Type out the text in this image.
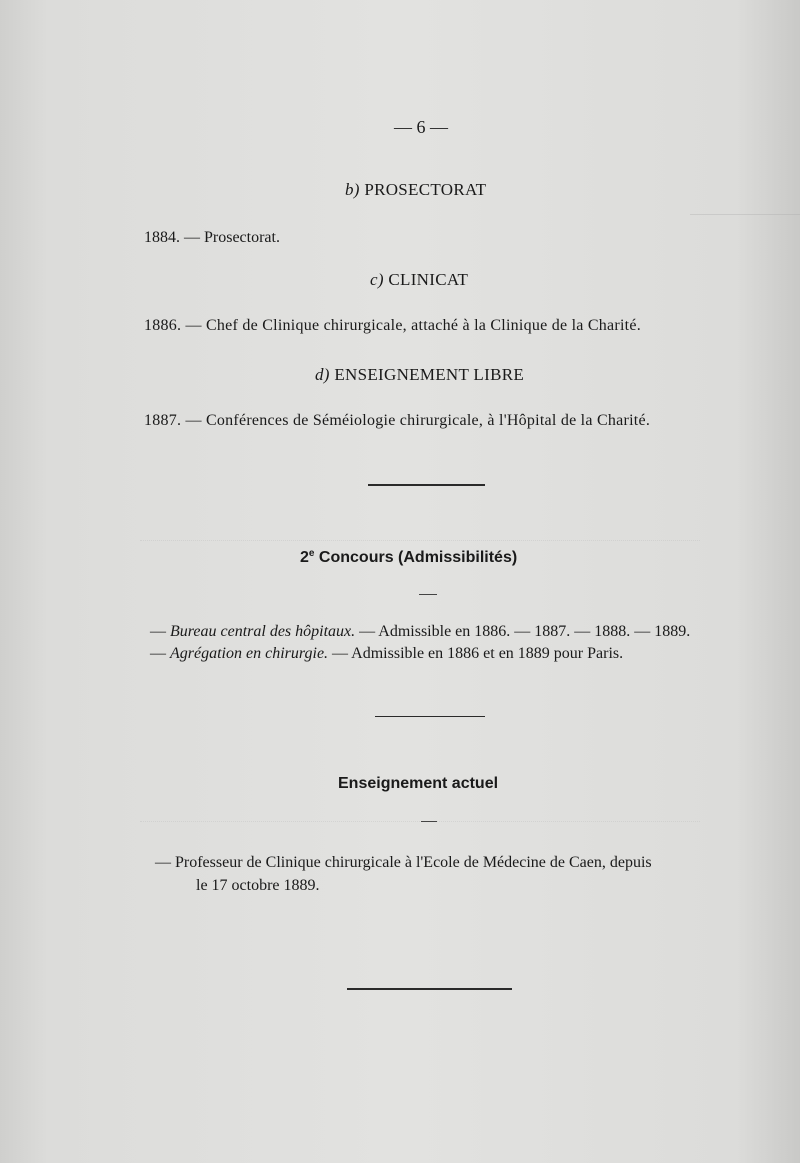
— 6 —
b) PROSECTORAT
1884. — Prosectorat.
c) CLINICAT
1886. — Chef de Clinique chirurgicale, attaché à la Clinique de la Charité.
d) ENSEIGNEMENT LIBRE
1887. — Conférences de Séméiologie chirurgicale, à l'Hôpital de la Charité.
2e Concours (Admissibilités)
— Bureau central des hôpitaux. — Admissible en 1886. — 1887. — 1888. — 1889.
— Agrégation en chirurgie. — Admissible en 1886 et en 1889 pour Paris.
Enseignement actuel
— Professeur de Clinique chirurgicale à l'Ecole de Médecine de Caen, depuis
le 17 octobre 1889.
